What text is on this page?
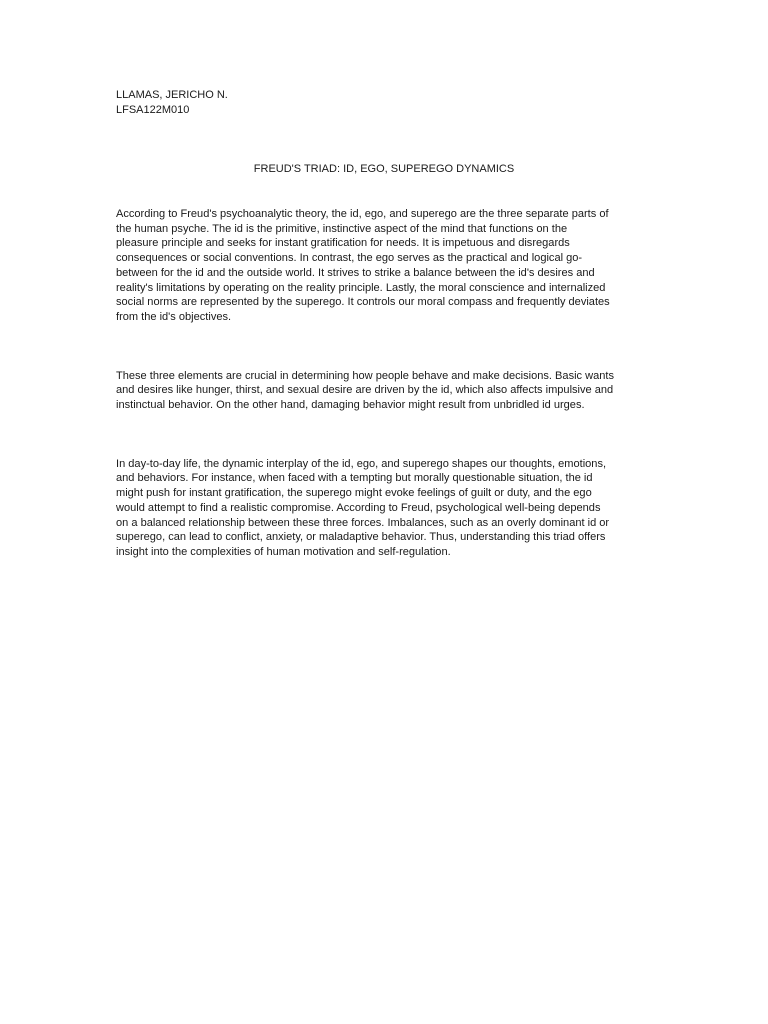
LLAMAS, JERICHO N.
LFSA122M010
FREUD'S TRIAD: ID, EGO, SUPEREGO DYNAMICS

According to Freud's psychoanalytic theory, the id, ego, and superego are the three separate parts of
the human psyche. The id is the primitive, instinctive aspect of the mind that functions on the
pleasure principle and seeks for instant gratification for needs. It is impetuous and disregards
consequences or social conventions. In contrast, the ego serves as the practical and logical go-
between for the id and the outside world. It strives to strike a balance between the id's desires and
reality's limitations by operating on the reality principle. Lastly, the moral conscience and internalized
social norms are represented by the superego. It controls our moral compass and frequently deviates
from the id's objectives.

These three elements are crucial in determining how people behave and make decisions. Basic wants
and desires like hunger, thirst, and sexual desire are driven by the id, which also affects impulsive and
instinctual behavior. On the other hand, damaging behavior might result from unbridled id urges.

In day-to-day life, the dynamic interplay of the id, ego, and superego shapes our thoughts, emotions,
and behaviors. For instance, when faced with a tempting but morally questionable situation, the id
might push for instant gratification, the superego might evoke feelings of guilt or duty, and the ego
would attempt to find a realistic compromise. According to Freud, psychological well-being depends
on a balanced relationship between these three forces. Imbalances, such as an overly dominant id or
superego, can lead to conflict, anxiety, or maladaptive behavior. Thus, understanding this triad offers
insight into the complexities of human motivation and self-regulation.
